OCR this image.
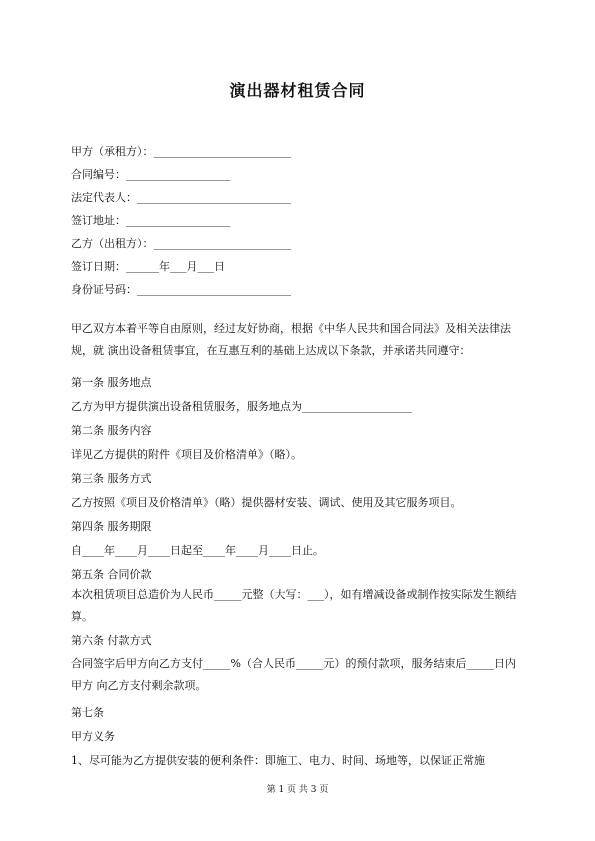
演出器材租赁合同
甲方（承租方）：_________________________
合同编号：___________________
法定代表人：____________________________
签订地址：___________________
乙方（出租方）：_________________________
签订日期：______年___月___日
身份证号码：____________________________
甲乙双方本着平等自由原则，经过友好协商，根据《中华人民共和国合同法》及相关法律法规，就 演出设备租赁事宜，在互惠互利的基础上达成以下条款，并承诺共同遵守：
第一条 服务地点
乙方为甲方提供演出设备租赁服务，服务地点为____________________
第二条 服务内容
详见乙方提供的附件《项目及价格清单》（略）。
第三条 服务方式
乙方按照《项目及价格清单》（略）提供器材安装、调试、使用及其它服务项目。
第四条 服务期限
自____年____月____日起至____年____月____日止。
第五条 合同价款
本次租赁项目总造价为人民币_____元整（大写：___），如有增减设备或制作按实际发生额结算。
第六条 付款方式
合同签字后甲方向乙方支付_____%（合人民币_____元）的预付款项，服务结束后_____日内甲方 向乙方支付剩余款项。
第七条
甲方义务
1、尽可能为乙方提供安装的便利条件：即施工、电力、时间、场地等，以保证正常施
第 1 页 共 3 页
